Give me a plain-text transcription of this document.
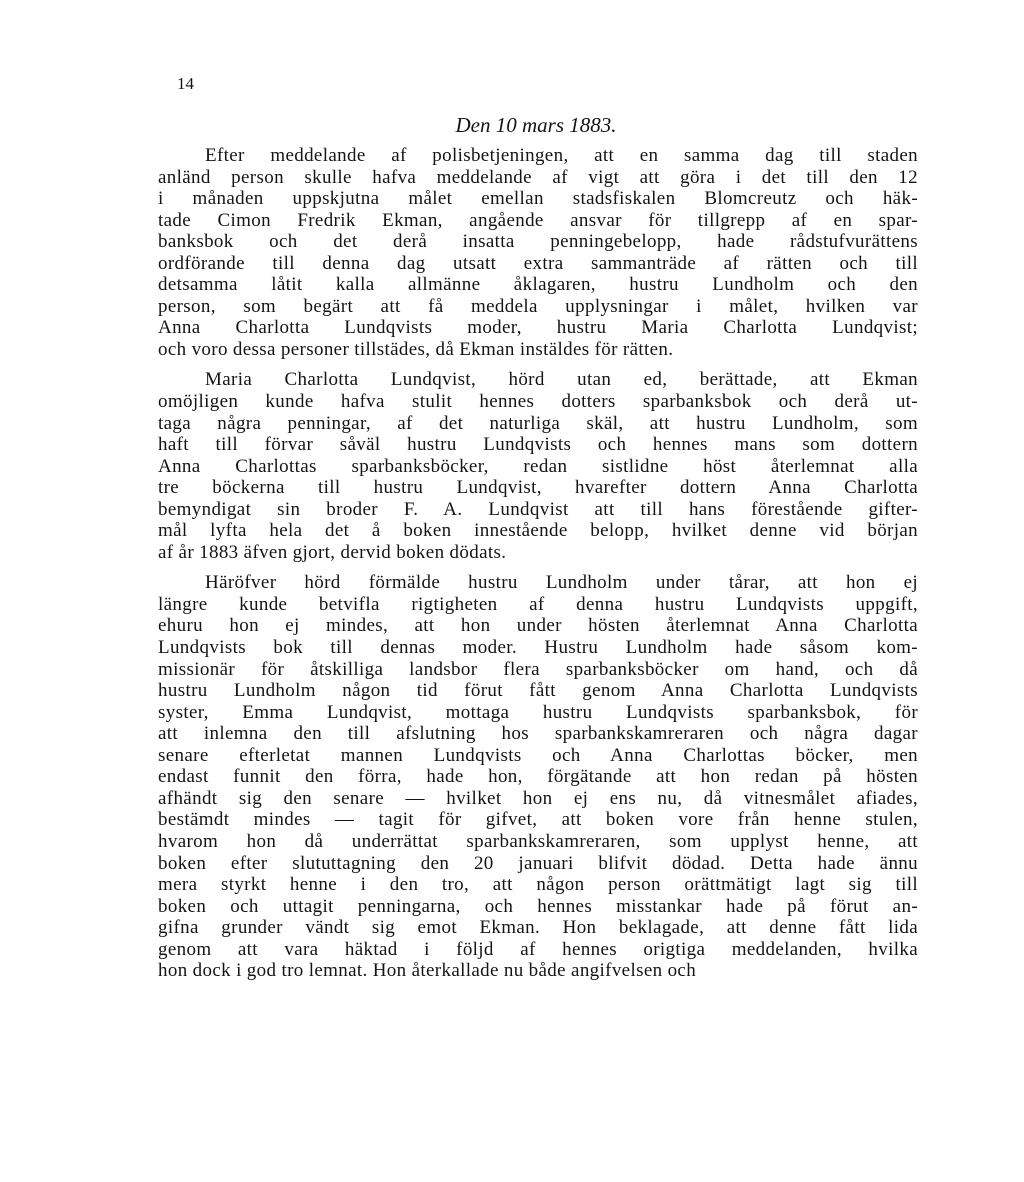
14
Den 10 mars 1883.
Efter meddelande af polisbetjeningen, att en samma dag till staden
anländ person skulle hafva meddelande af vigt att göra i det till den 12
i månaden uppskjutna målet emellan stadsfiskalen Blomcreutz och häk-
tade Cimon Fredrik Ekman, angående ansvar för tillgrepp af en spar-
banksbok och det derå insatta penningebelopp, hade rådstufvurättens
ordförande till denna dag utsatt extra sammanträde af rätten och till
detsamma låtit kalla allmänne åklagaren, hustru Lundholm och den
person, som begärt att få meddela upplysningar i målet, hvilken var
Anna Charlotta Lundqvists moder, hustru Maria Charlotta Lundqvist;
och voro dessa personer tillstädes, då Ekman instäldes för rätten.
Maria Charlotta Lundqvist, hörd utan ed, berättade, att Ekman
omöjligen kunde hafva stulit hennes dotters sparbanksbok och derå ut-
taga några penningar, af det naturliga skäl, att hustru Lundholm, som
haft till förvar såväl hustru Lundqvists och hennes mans som dottern
Anna Charlottas sparbanksböcker, redan sistlidne höst återlemnat alla
tre böckerna till hustru Lundqvist, hvarefter dottern Anna Charlotta
bemyndigat sin broder F. A. Lundqvist att till hans förestående gifter-
mål lyfta hela det å boken innestående belopp, hvilket denne vid början
af år 1883 äfven gjort, dervid boken dödats.
Häröfver hörd förmälde hustru Lundholm under tårar, att hon ej
längre kunde betvifla rigtigheten af denna hustru Lundqvists uppgift,
ehuru hon ej mindes, att hon under hösten återlemnat Anna Charlotta
Lundqvists bok till dennas moder. Hustru Lundholm hade såsom kom-
missionär för åtskilliga landsbor flera sparbanksböcker om hand, och då
hustru Lundholm någon tid förut fått genom Anna Charlotta Lundqvists
syster, Emma Lundqvist, mottaga hustru Lundqvists sparbanksbok, för
att inlemna den till afslutning hos sparbankskamreraren och några dagar
senare efterletat mannen Lundqvists och Anna Charlottas böcker, men
endast funnit den förra, hade hon, förgätande att hon redan på hösten
afhändt sig den senare — hvilket hon ej ens nu, då vitnesmålet afiades,
bestämdt mindes — tagit för gifvet, att boken vore från henne stulen,
hvarom hon då underrättat sparbankskamreraren, som upplyst henne, att
boken efter slututtagning den 20 januari blifvit dödad. Detta hade ännu
mera styrkt henne i den tro, att någon person orättmätigt lagt sig till
boken och uttagit penningarna, och hennes misstankar hade på förut an-
gifna grunder vändt sig emot Ekman. Hon beklagade, att denne fått lida
genom att vara häktad i följd af hennes origtiga meddelanden, hvilka
hon dock i god tro lemnat. Hon återkallade nu både angifvelsen och
